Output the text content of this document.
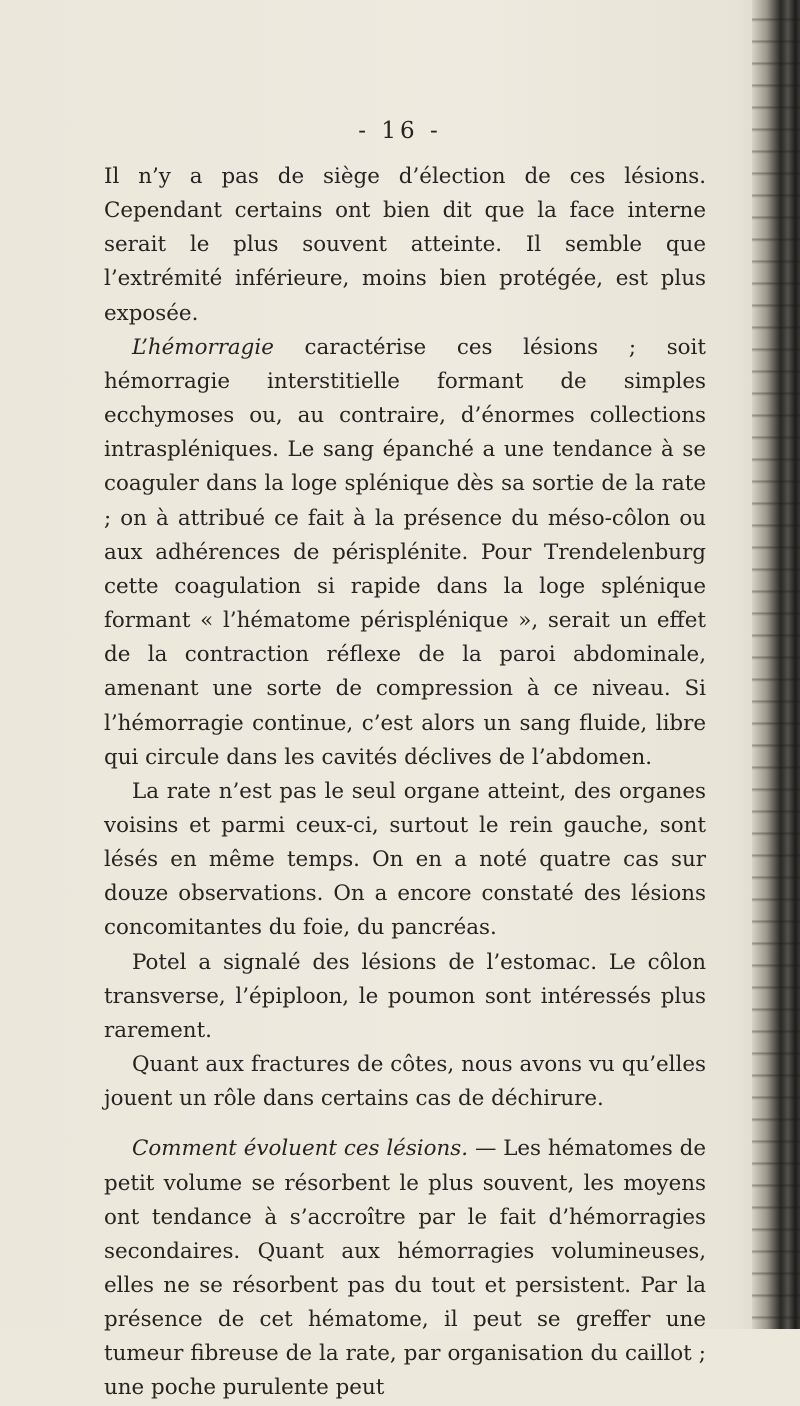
- 16 -

Il n’y a pas de siège d’élection de ces lésions. Cependant certains ont bien dit que la face interne serait le plus souvent atteinte. Il semble que l’extrémité inférieure, moins bien protégée, est plus exposée.

L’hémorragie caractérise ces lésions ; soit hémorragie interstitielle formant de simples ecchymoses ou, au contraire, d’énormes collections intraspléniques. Le sang épanché a une tendance à se coaguler dans la loge splénique dès sa sortie de la rate ; on à attribué ce fait à la présence du méso-côlon ou aux adhérences de périsplénite. Pour Trendelenburg cette coagulation si rapide dans la loge splénique formant « l’hématome périsplénique », serait un effet de la contraction réflexe de la paroi abdominale, amenant une sorte de compression à ce niveau. Si l’hémorragie continue, c’est alors un sang fluide, libre qui circule dans les cavités déclives de l’abdomen.

La rate n’est pas le seul organe atteint, des organes voisins et parmi ceux-ci, surtout le rein gauche, sont lésés en même temps. On en a noté quatre cas sur douze observations. On a encore constaté des lésions concomitantes du foie, du pancréas.

Potel a signalé des lésions de l’estomac. Le côlon transverse, l’épiploon, le poumon sont intéressés plus rarement.

Quant aux fractures de côtes, nous avons vu qu’elles jouent un rôle dans certains cas de déchirure.

Comment évoluent ces lésions. — Les hématomes de petit volume se résorbent le plus souvent, les moyens ont tendance à s’accroître par le fait d’hémorragies secondaires. Quant aux hémorragies volumineuses, elles ne se résorbent pas du tout et persistent. Par la présence de cet hématome, il peut se greffer une tumeur fibreuse de la rate, par organisation du caillot ; une poche purulente peut
